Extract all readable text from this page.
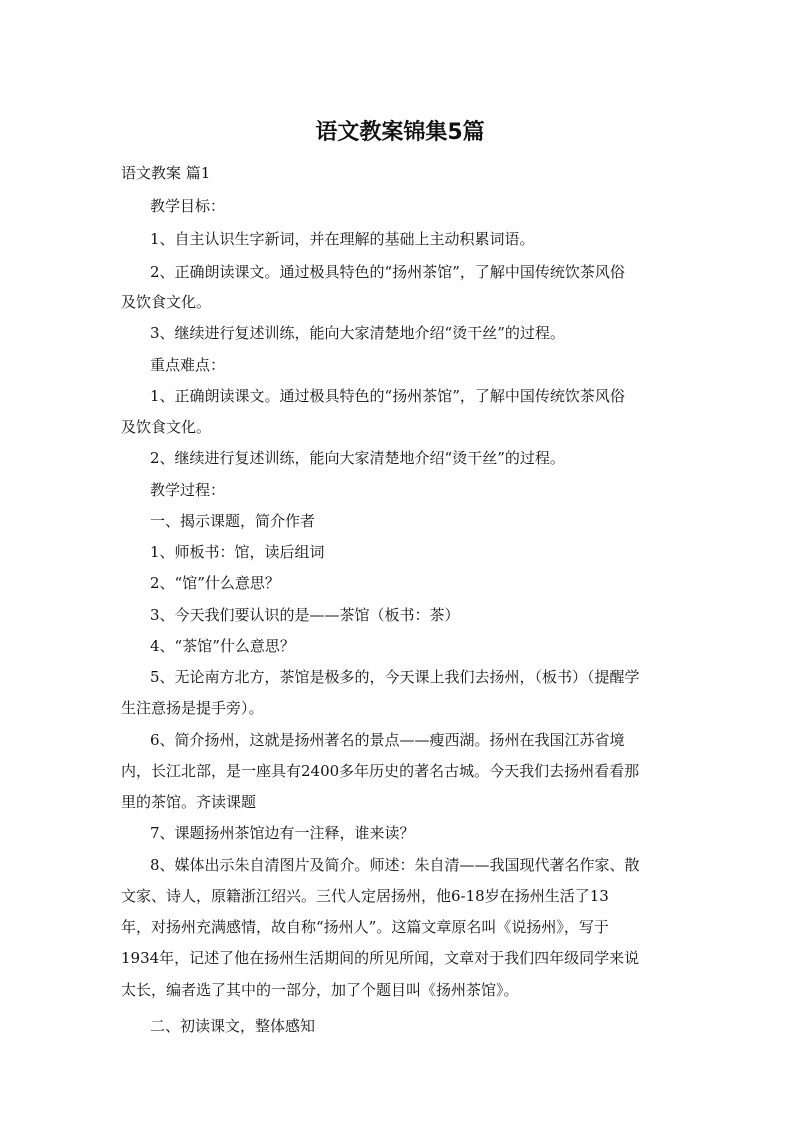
语文教案锦集5篇
语文教案 篇1
教学目标：
1、自主认识生字新词，并在理解的基础上主动积累词语。
2、正确朗读课文。通过极具特色的“扬州茶馆”，了解中国传统饮茶风俗
及饮食文化。
3、继续进行复述训练，能向大家清楚地介绍“烫干丝”的过程。
重点难点：
1、正确朗读课文。通过极具特色的“扬州茶馆”，了解中国传统饮茶风俗
及饮食文化。
2、继续进行复述训练，能向大家清楚地介绍“烫干丝”的过程。
教学过程：
一、揭示课题，简介作者
1、师板书：馆，读后组词
2、“馆”什么意思？
3、今天我们要认识的是——茶馆（板书：茶）
4、“茶馆”什么意思？
5、无论南方北方，茶馆是极多的，今天课上我们去扬州，（板书）（提醒学
生注意扬是提手旁）。
6、简介扬州，这就是扬州著名的景点——瘦西湖。扬州在我国江苏省境
内，长江北部，是一座具有2400多年历史的著名古城。今天我们去扬州看看那
里的茶馆。齐读课题
7、课题扬州茶馆边有一注释，谁来读？
8、媒体出示朱自清图片及简介。师述：朱自清——我国现代著名作家、散
文家、诗人，原籍浙江绍兴。三代人定居扬州，他6-18岁在扬州生活了13
年，对扬州充满感情，故自称“扬州人”。这篇文章原名叫《说扬州》，写于
1934年，记述了他在扬州生活期间的所见所闻，文章对于我们四年级同学来说
太长，编者选了其中的一部分，加了个题目叫《扬州茶馆》。
二、初读课文，整体感知
